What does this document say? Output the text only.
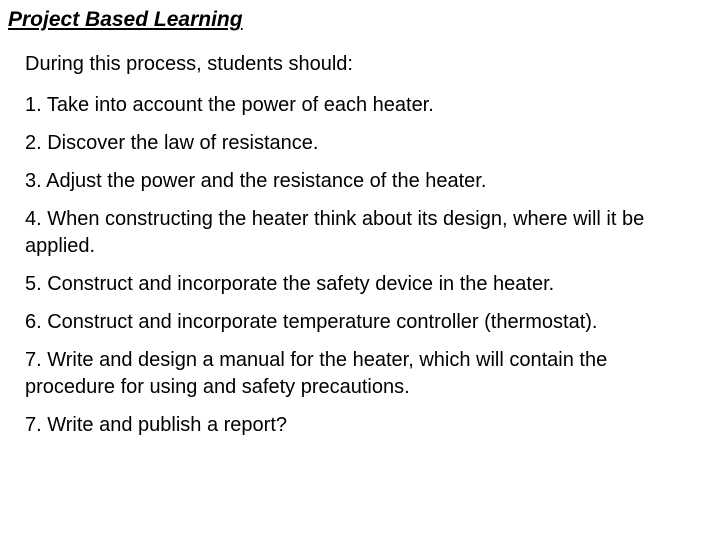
Project Based Learning
During this process, students should:
1. Take into account the power of each heater.
2. Discover the law of resistance.
3. Adjust the power and the resistance of the heater.
4. When constructing the heater think about its design, where will it be applied.
5. Construct and incorporate the safety device in the heater.
6. Construct and incorporate temperature controller (thermostat).
7. Write and design a manual for the heater, which will contain the procedure for using and safety precautions.
7. Write and publish a report?
